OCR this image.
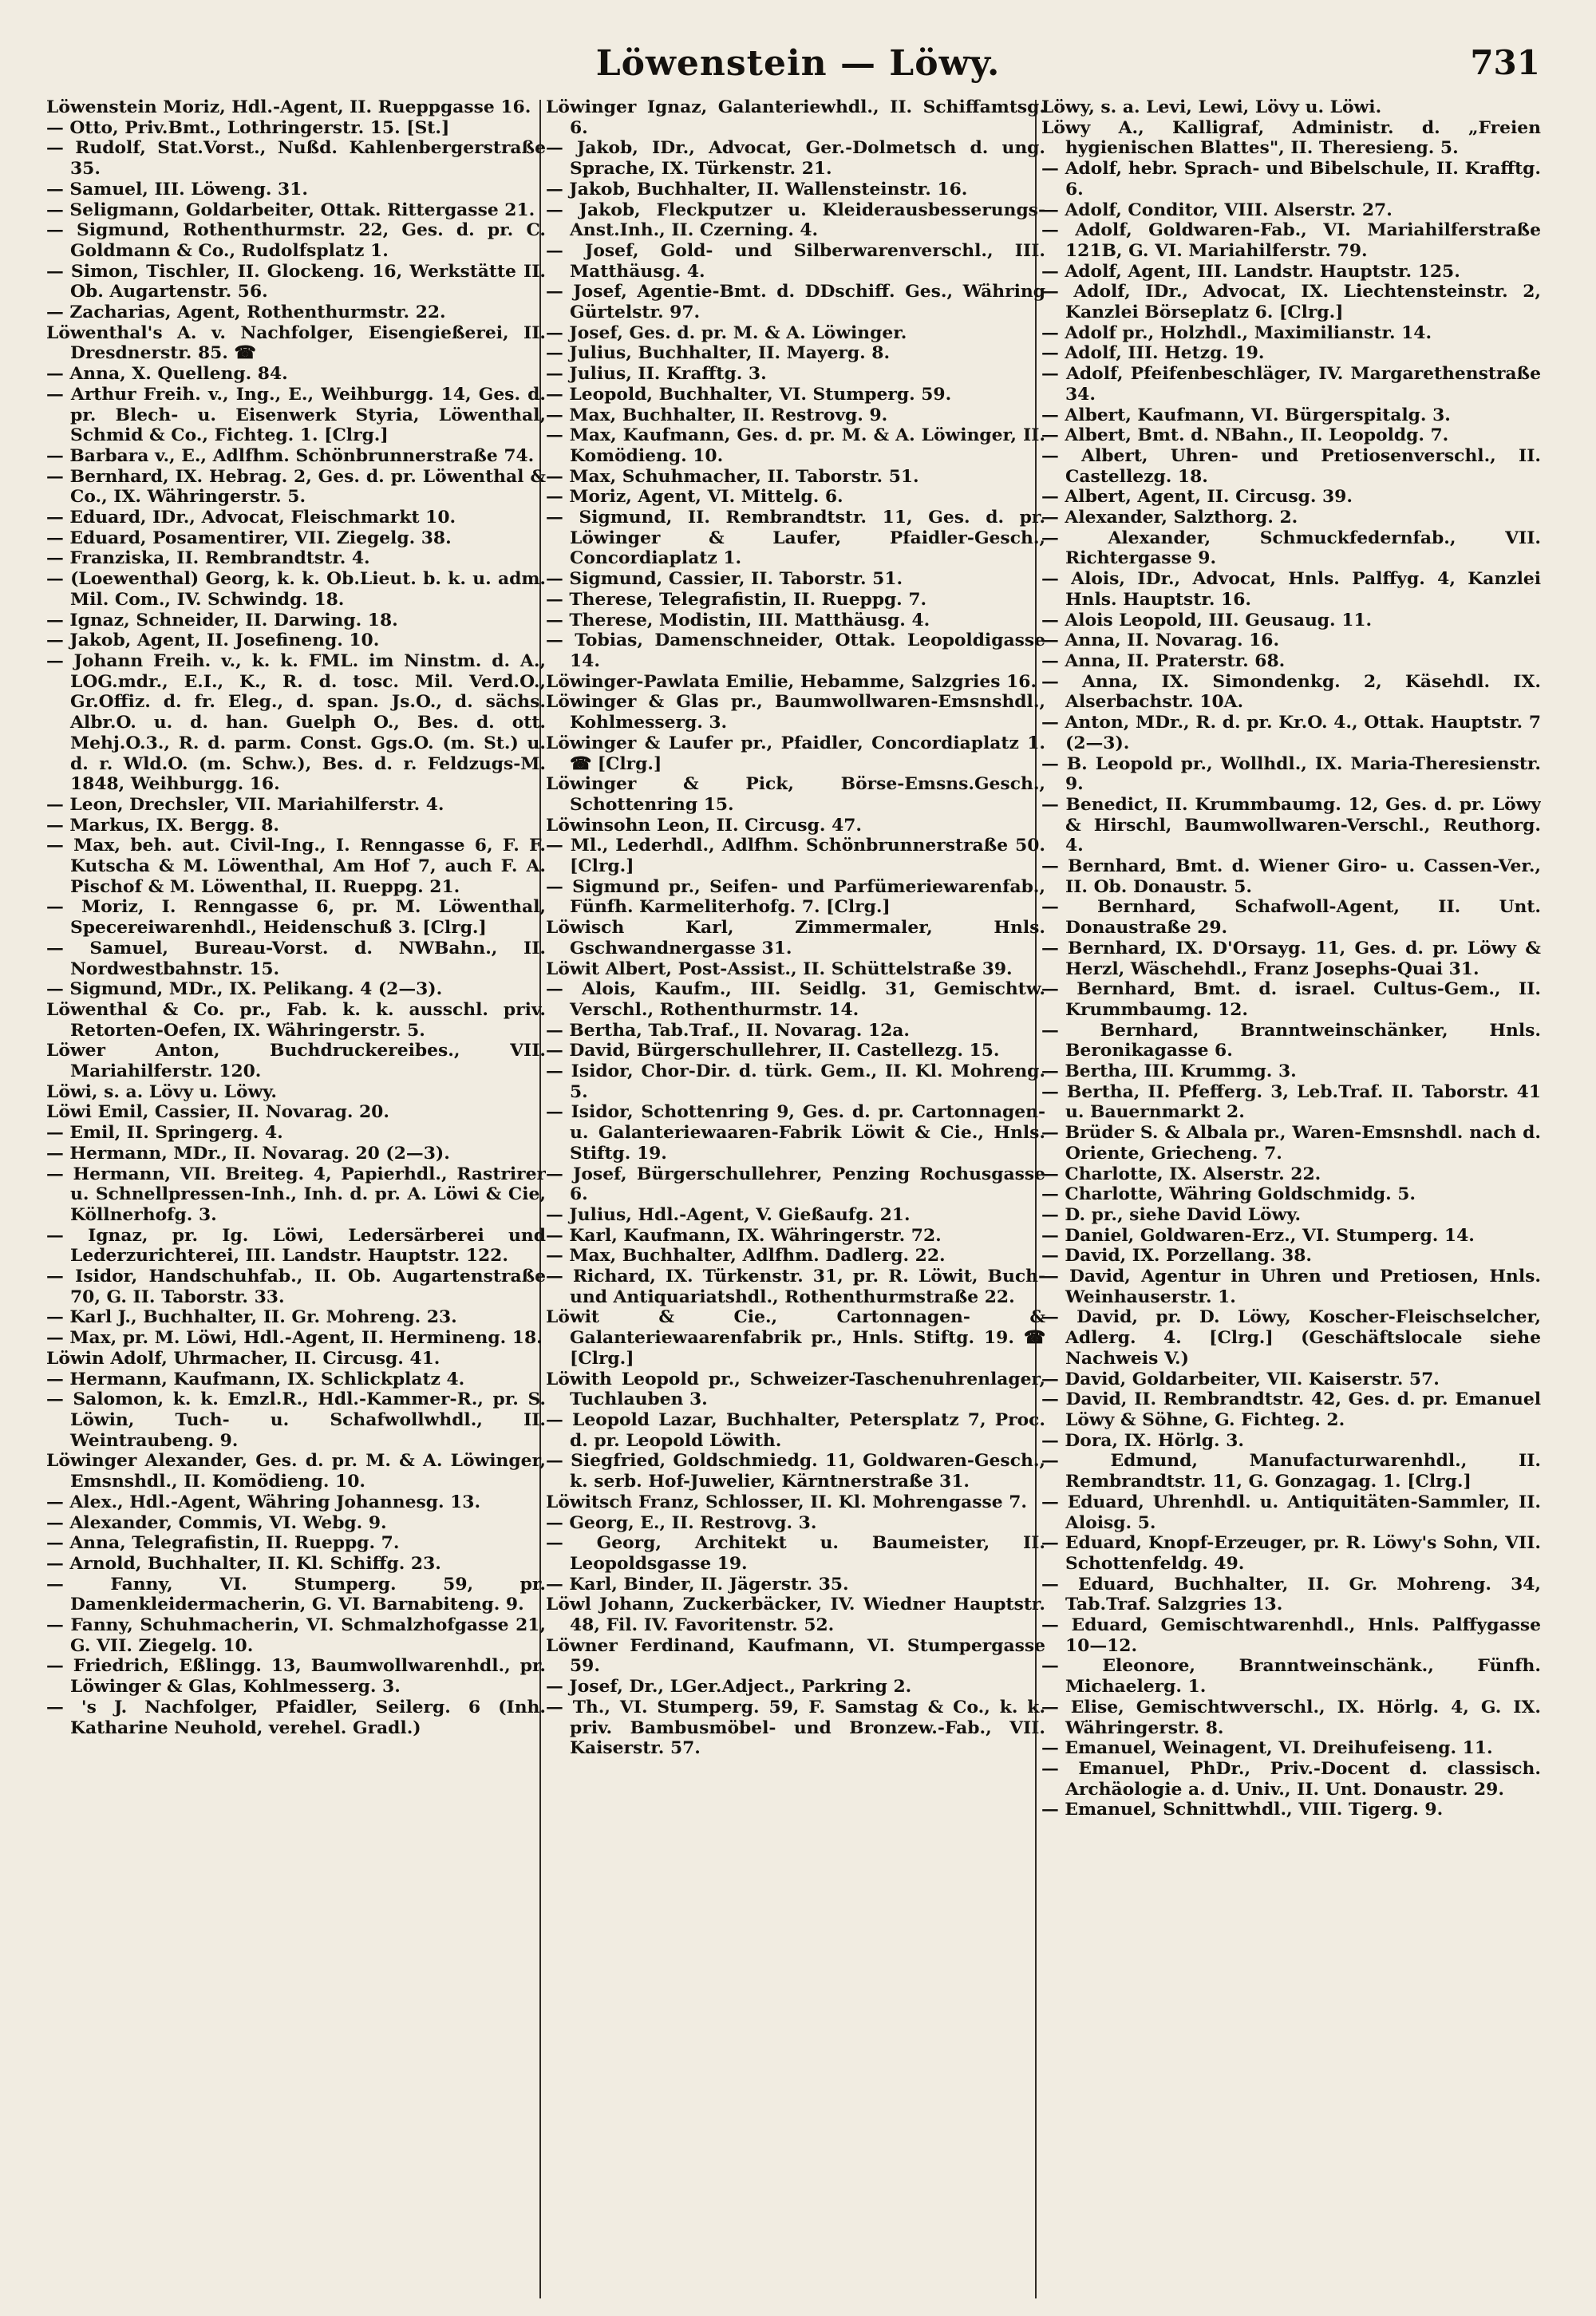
Löwenstein — Löwy.	731
Löwenstein Moriz, Hdl.-Agent, II. Rueppgasse 16.
— Otto, Priv.Bmt., Lothringerstr. 15. [St.]
— Rudolf, Stat.Vorst., Nußd. Kahlenbergerstraße 35.
— Samuel, III. Löweng. 31.
— Seligmann, Goldarbeiter, Ottak. Rittergasse 21.
— Sigmund, Rothenthurmstr. 22, Ges. d. pr. C. Goldmann & Co., Rudolfsplatz 1.
— Simon, Tischler, II. Glockeng. 16, Werkstätte II. Ob. Augartenstr. 56.
— Zacharias, Agent, Rothenthurmstr. 22.
Löwenthal's A. v. Nachfolger, Eisengießerei, II. Dresdnerstr. 85. ☎
— Anna, X. Quelleng. 84.
— Arthur Freih. v., Ing., E., Weihburgg. 14, Ges. d. pr. Blech- u. Eisenwerk Styria, Löwenthal, Schmid & Co., Fichteg. 1. [Clrg.]
— Barbara v., E., Adlfhm. Schönbrunnerstraße 74.
— Bernhard, IX. Hebrag. 2, Ges. d. pr. Löwenthal & Co., IX. Währingerstr. 5.
— Eduard, IDr., Advocat, Fleischmarkt 10.
— Eduard, Posamentirer, VII. Ziegelg. 38.
— Franziska, II. Rembrandtstr. 4.
— (Loewenthal) Georg, k. k. Ob.Lieut. b. k. u. adm. Mil. Com., IV. Schwindg. 18.
— Ignaz, Schneider, II. Darwing. 18.
— Jakob, Agent, II. Josefineng. 10.
— Johann Freih. v., k. k. FML. im Ninstm. d. A., LOG.mdr., E.I., K., R. d. tosc. Mil. Verd.O., Gr.Offiz. d. fr. Eleg., d. span. Js.O., d. sächs. Albr.O. u. d. han. Guelph O., Bes. d. ott. Mehj.O.3., R. d. parm. Const. Ggs.O. (m. St.) u. d. r. Wld.O. (m. Schw.), Bes. d. r. Feldzugs-M. 1848, Weihburgg. 16.
— Leon, Drechsler, VII. Mariahilferstr. 4.
— Markus, IX. Bergg. 8.
— Max, beh. aut. Civil-Ing., I. Renngasse 6, F. F. Kutscha & M. Löwenthal, Am Hof 7, auch F. A. Pischof & M. Löwenthal, II. Rueppg. 21.
— Moriz, I. Renngasse 6, pr. M. Löwenthal, Specereiwarenhdl., Heidenschuß 3. [Clrg.]
— Samuel, Bureau-Vorst. d. NWBahn., II. Nordwestbahnstr. 15.
— Sigmund, MDr., IX. Pelikang. 4 (2—3).
Löwenthal & Co. pr., Fab. k. k. ausschl. priv. Retorten-Oefen, IX. Währingerstr. 5.
Löwer Anton, Buchdruckereibes., VII. Mariahilferstr. 120.
Löwi, s. a. Lövy u. Löwy.
Löwi Emil, Cassier, II. Novarag. 20.
— Emil, II. Springerg. 4.
— Hermann, MDr., II. Novarag. 20 (2—3).
— Hermann, VII. Breiteg. 4, Papierhdl., Rastrirer u. Schnellpressen-Inh., Inh. d. pr. A. Löwi & Cie, Köllnerhofg. 3.
— Ignaz, pr. Ig. Löwi, Ledersärberei und Lederzurichterei, III. Landstr. Hauptstr. 122.
— Isidor, Handschuhfab., II. Ob. Augartenstraße 70, G. II. Taborstr. 33.
— Karl J., Buchhalter, II. Gr. Mohreng. 23.
— Max, pr. M. Löwi, Hdl.-Agent, II. Hermineng. 18.
Löwin Adolf, Uhrmacher, II. Circusg. 41.
— Hermann, Kaufmann, IX. Schlickplatz 4.
— Salomon, k. k. Emzl.R., Hdl.-Kammer-R., pr. S. Löwin, Tuch- u. Schafwollwhdl., II. Weintraubeng. 9.
Löwinger Alexander, Ges. d. pr. M. & A. Löwinger, Emsnshdl., II. Komödieng. 10.
— Alex., Hdl.-Agent, Währing Johannesg. 13.
— Alexander, Commis, VI. Webg. 9.
— Anna, Telegrafistin, II. Rueppg. 7.
— Arnold, Buchhalter, II. Kl. Schiffg. 23.
— Fanny, VI. Stumperg. 59, pr. Damenkleidermacherin, G. VI. Barnabiteng. 9.
— Fanny, Schuhmacherin, VI. Schmalzhofgasse 21, G. VII. Ziegelg. 10.
— Friedrich, Eßlingg. 13, Baumwollwarenhdl., pr. Löwinger & Glas, Kohlmesserg. 3.
— 's J. Nachfolger, Pfaidler, Seilerg. 6 (Inh. Katharine Neuhold, verehel. Gradl.)
Löwinger Ignaz, Galanteriewhdl., II. Schiffamtsg. 6.
— Jakob, IDr., Advocat, Ger.-Dolmetsch d. ung. Sprache, IX. Türkenstr. 21.
— Jakob, Buchhalter, II. Wallensteinstr. 16.
— Jakob, Fleckputzer u. Kleiderausbesserungs-Anst.Inh., II. Czerning. 4.
— Josef, Gold- und Silberwarenverschl., III. Matthäusg. 4.
— Josef, Agentie-Bmt. d. DDschiff. Ges., Währing Gürtelstr. 97.
— Josef, Ges. d. pr. M. & A. Löwinger.
— Julius, Buchhalter, II. Mayerg. 8.
— Julius, II. Krafftg. 3.
— Leopold, Buchhalter, VI. Stumperg. 59.
— Max, Buchhalter, II. Restrovg. 9.
— Max, Kaufmann, Ges. d. pr. M. & A. Löwinger, II. Komödieng. 10.
— Max, Schuhmacher, II. Taborstr. 51.
— Moriz, Agent, VI. Mittelg. 6.
— Sigmund, II. Rembrandtstr. 11, Ges. d. pr. Löwinger & Laufer, Pfaidler-Gesch., Concordiaplatz 1.
— Sigmund, Cassier, II. Taborstr. 51.
— Therese, Telegrafistin, II. Rueppg. 7.
— Therese, Modistin, III. Matthäusg. 4.
— Tobias, Damenschneider, Ottak. Leopoldigasse 14.
Löwinger-Pawlata Emilie, Hebamme, Salzgries 16.
Löwinger & Glas pr., Baumwollwaren-Emsnshdl., Kohlmesserg. 3.
Löwinger & Laufer pr., Pfaidler, Concordiaplatz 1. ☎ [Clrg.]
Löwinger & Pick, Börse-Emsns.Gesch., Schottenring 15.
Löwinsohn Leon, II. Circusg. 47.
— Ml., Lederhdl., Adlfhm. Schönbrunnerstraße 50. [Clrg.]
— Sigmund pr., Seifen- und Parfümeriewarenfab., Fünfh. Karmeliterhofg. 7. [Clrg.]
Löwisch Karl, Zimmermaler, Hnls. Gschwandnergasse 31.
Löwit Albert, Post-Assist., II. Schüttelstraße 39.
— Alois, Kaufm., III. Seidlg. 31, Gemischtw. Verschl., Rothenthurmstr. 14.
— Bertha, Tab.Traf., II. Novarag. 12a.
— David, Bürgerschullehrer, II. Castellezg. 15.
— Isidor, Chor-Dir. d. türk. Gem., II. Kl. Mohreng. 5.
— Isidor, Schottenring 9, Ges. d. pr. Cartonnagen- u. Galanteriewaaren-Fabrik Löwit & Cie., Hnls. Stiftg. 19.
— Josef, Bürgerschullehrer, Penzing Rochusgasse 6.
— Julius, Hdl.-Agent, V. Gießaufg. 21.
— Karl, Kaufmann, IX. Währingerstr. 72.
— Max, Buchhalter, Adlfhm. Dadlerg. 22.
— Richard, IX. Türkenstr. 31, pr. R. Löwit, Buch- und Antiquariatshdl., Rothenthurmstraße 22.
Löwit & Cie., Cartonnagen- & Galanteriewaarenfabrik pr., Hnls. Stiftg. 19. ☎ [Clrg.]
Löwith Leopold pr., Schweizer-Taschenuhrenlager, Tuchlauben 3.
— Leopold Lazar, Buchhalter, Petersplatz 7, Proc. d. pr. Leopold Löwith.
— Siegfried, Goldschmiedg. 11, Goldwaren-Gesch., k. serb. Hof-Juwelier, Kärntnerstraße 31.
Löwitsch Franz, Schlosser, II. Kl. Mohrengasse 7.
— Georg, E., II. Restrovg. 3.
— Georg, Architekt u. Baumeister, II. Leopoldsgasse 19.
— Karl, Binder, II. Jägerstr. 35.
Löwl Johann, Zuckerbäcker, IV. Wiedner Hauptstr. 48, Fil. IV. Favoritenstr. 52.
Löwner Ferdinand, Kaufmann, VI. Stumpergasse 59.
— Josef, Dr., LGer.Adject., Parkring 2.
— Th., VI. Stumperg. 59, F. Samstag & Co., k. k. priv. Bambusmöbel- und Bronzew.-Fab., VII. Kaiserstr. 57.
Löwy, s. a. Levi, Lewi, Lövy u. Löwi.
Löwy A., Kalligraf, Administr. d. „Freien hygienischen Blattes", II. Theresieng. 5.
— Adolf, hebr. Sprach- und Bibelschule, II. Krafftg. 6.
— Adolf, Conditor, VIII. Alserstr. 27.
— Adolf, Goldwaren-Fab., VI. Mariahilferstraße 121B, G. VI. Mariahilferstr. 79.
— Adolf, Agent, III. Landstr. Hauptstr. 125.
— Adolf, IDr., Advocat, IX. Liechtensteinstr. 2, Kanzlei Börseplatz 6. [Clrg.]
— Adolf pr., Holzhdl., Maximilianstr. 14.
— Adolf, III. Hetzg. 19.
— Adolf, Pfeifenbeschläger, IV. Margarethenstraße 34.
— Albert, Kaufmann, VI. Bürgerspitalg. 3.
— Albert, Bmt. d. NBahn., II. Leopoldg. 7.
— Albert, Uhren- und Pretiosenverschl., II. Castellezg. 18.
— Albert, Agent, II. Circusg. 39.
— Alexander, Salzthorg. 2.
— Alexander, Schmuckfedernfab., VII. Richtergasse 9.
— Alois, IDr., Advocat, Hnls. Palffyg. 4, Kanzlei Hnls. Hauptstr. 16.
— Alois Leopold, III. Geusaug. 11.
— Anna, II. Novarag. 16.
— Anna, II. Praterstr. 68.
— Anna, IX. Simondenkg. 2, Käsehdl. IX. Alserbachstr. 10A.
— Anton, MDr., R. d. pr. Kr.O. 4., Ottak. Hauptstr. 7 (2—3).
— B. Leopold pr., Wollhdl., IX. Maria-Theresienstr. 9.
— Benedict, II. Krummbaumg. 12, Ges. d. pr. Löwy & Hirschl, Baumwollwaren-Verschl., Reuthorg. 4.
— Bernhard, Bmt. d. Wiener Giro- u. Cassen-Ver., II. Ob. Donaustr. 5.
— Bernhard, Schafwoll-Agent, II. Unt. Donaustraße 29.
— Bernhard, IX. D'Orsayg. 11, Ges. d. pr. Löwy & Herzl, Wäschehdl., Franz Josephs-Quai 31.
— Bernhard, Bmt. d. israel. Cultus-Gem., II. Krummbaumg. 12.
— Bernhard, Branntweinschänker, Hnls. Beronikagasse 6.
— Bertha, III. Krummg. 3.
— Bertha, II. Pfefferg. 3, Leb.Traf. II. Taborstr. 41 u. Bauernmarkt 2.
— Brüder S. & Albala pr., Waren-Emsnshdl. nach d. Oriente, Griecheng. 7.
— Charlotte, IX. Alserstr. 22.
— Charlotte, Währing Goldschmidg. 5.
— D. pr., siehe David Löwy.
— Daniel, Goldwaren-Erz., VI. Stumperg. 14.
— David, IX. Porzellang. 38.
— David, Agentur in Uhren und Pretiosen, Hnls. Weinhauserstr. 1.
— David, pr. D. Löwy, Koscher-Fleischselcher, Adlerg. 4. [Clrg.] (Geschäftslocale siehe Nachweis V.)
— David, Goldarbeiter, VII. Kaiserstr. 57.
— David, II. Rembrandtstr. 42, Ges. d. pr. Emanuel Löwy & Söhne, G. Fichteg. 2.
— Dora, IX. Hörlg. 3.
— Edmund, Manufacturwarenhdl., II. Rembrandtstr. 11, G. Gonzagag. 1. [Clrg.]
— Eduard, Uhrenhdl. u. Antiquitäten-Sammler, II. Aloisg. 5.
— Eduard, Knopf-Erzeuger, pr. R. Löwy's Sohn, VII. Schottenfeldg. 49.
— Eduard, Buchhalter, II. Gr. Mohreng. 34, Tab.Traf. Salzgries 13.
— Eduard, Gemischtwarenhdl., Hnls. Palffygasse 10—12.
— Eleonore, Branntweinschänk., Fünfh. Michaelerg. 1.
— Elise, Gemischtwverschl., IX. Hörlg. 4, G. IX. Währingerstr. 8.
— Emanuel, Weinagent, VI. Dreihufeiseng. 11.
— Emanuel, PhDr., Priv.-Docent d. classisch. Archäologie a. d. Univ., II. Unt. Donaustr. 29.
— Emanuel, Schnittwhdl., VIII. Tigerg. 9.
